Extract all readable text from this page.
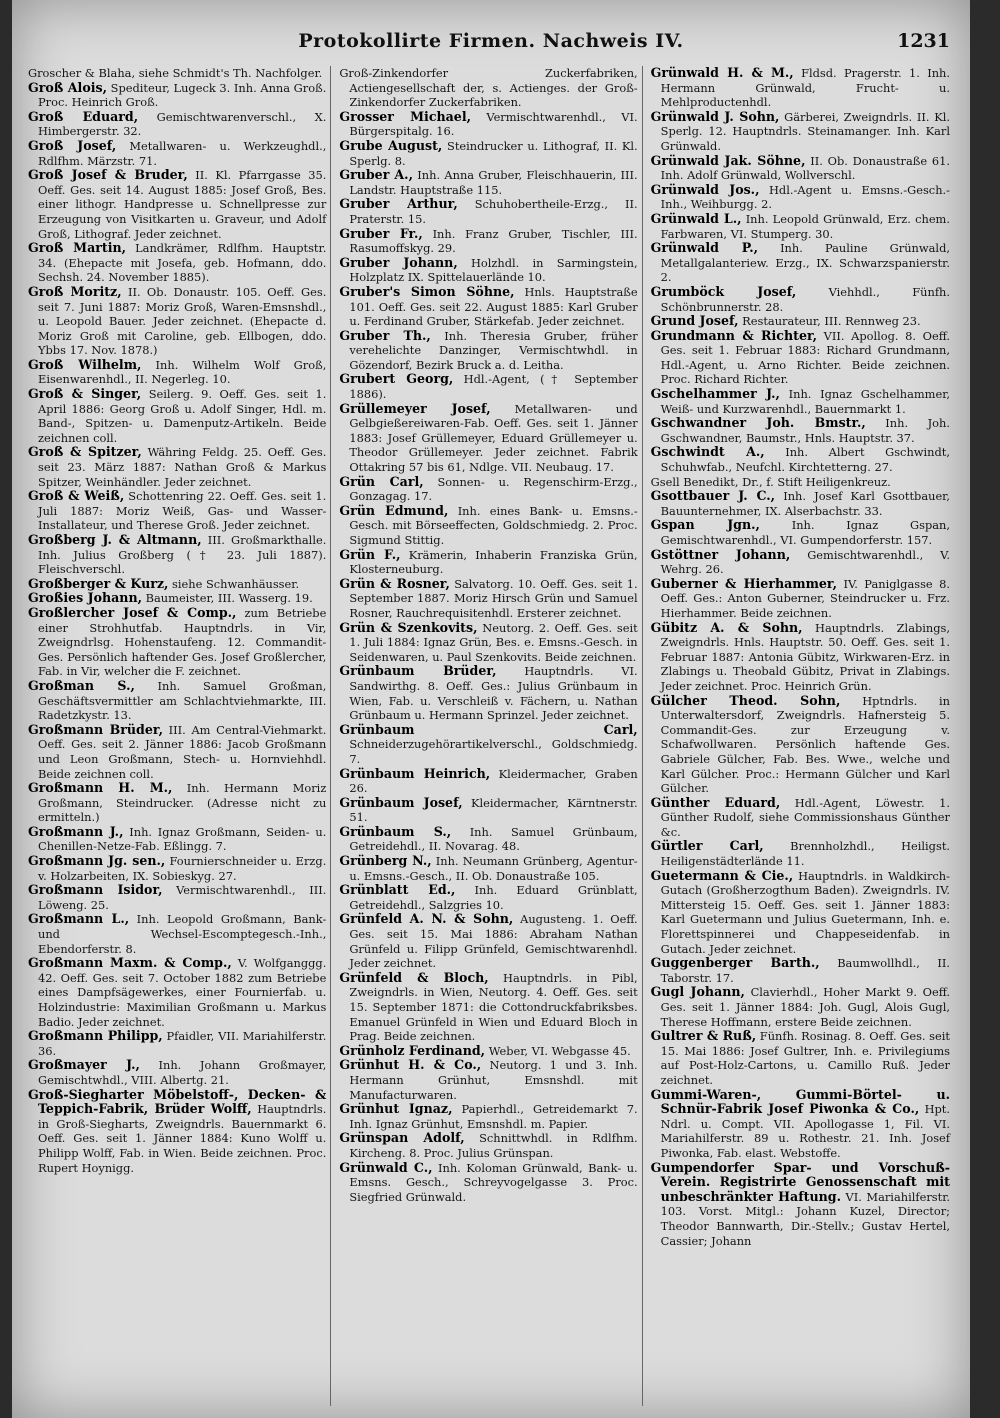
Protokollirte Firmen. Nachweis IV.	1231

Groscher & Blaha, siehe Schmidt's Th. Nachfolger.

Groß Alois, Spediteur, Lugeck 3. Inh. Anna Groß. Proc. Heinrich Groß.

Groß Eduard, Gemischtwarenverschl., X. Himbergerstr. 32.

Groß Josef, Metallwaren- u. Werkzeughdl., Rdlfhm. Märzstr. 71.

Groß Josef & Bruder, II. Kl. Pfarrgasse 35. Oeff. Ges. seit 14. August 1885: Josef Groß, Bes. einer lithogr. Handpresse u. Schnellpresse zur Erzeugung von Visitkarten u. Graveur, und Adolf Groß, Lithograf. Jeder zeichnet.

Groß Martin, Landkrämer, Rdlfhm. Hauptstr. 34. (Ehepacte mit Josefa, geb. Hofmann, ddo. Sechsh. 24. November 1885).

Groß Moritz, II. Ob. Donaustr. 105. Oeff. Ges. seit 7. Juni 1887: Moriz Groß, Waren-Emsnshdl., u. Leopold Bauer. Jeder zeichnet. (Ehepacte d. Moriz Groß mit Caroline, geb. Ellbogen, ddo. Ybbs 17. Nov. 1878.)

Groß Wilhelm, Inh. Wilhelm Wolf Groß, Eisenwarenhdl., II. Negerleg. 10.

Groß & Singer, Seilerg. 9. Oeff. Ges. seit 1. April 1886: Georg Groß u. Adolf Singer, Hdl. m. Band-, Spitzen- u. Damenputz-Artikeln. Beide zeichnen coll.

Groß & Spitzer, Währing Feldg. 25. Oeff. Ges. seit 23. März 1887: Nathan Groß & Markus Spitzer, Weinhändler. Jeder zeichnet.

Groß & Weiß, Schottenring 22. Oeff. Ges. seit 1. Juli 1887: Moriz Weiß, Gas- und Wasser-Installateur, und Therese Groß. Jeder zeichnet.

Großberg J. & Altmann, III. Großmarkthalle. Inh. Julius Großberg († 23. Juli 1887). Fleischverschl.

Großberger & Kurz, siehe Schwanhäusser.

Großies Johann, Baumeister, III. Wasserg. 19.

Großlercher Josef & Comp., zum Betriebe einer Strohhutfab. Hauptndrls. in Vir, Zweigndrlsg. Hohenstaufeng. 12. Commandit-Ges. Persönlich haftender Ges. Josef Großlercher, Fab. in Vir, welcher die F. zeichnet.

Großman S., Inh. Samuel Großman, Geschäftsvermittler am Schlachtviehmarkte, III. Radetzkystr. 13.

Großmann Brüder, III. Am Central-Viehmarkt. Oeff. Ges. seit 2. Jänner 1886: Jacob Großmann und Leon Großmann, Stech- u. Hornviehhdl. Beide zeichnen coll.

Großmann H. M., Inh. Hermann Moriz Großmann, Steindrucker. (Adresse nicht zu ermitteln.)

Großmann J., Inh. Ignaz Großmann, Seiden- u. Chenillen-Netze-Fab. Eßlingg. 7.

Großmann Jg. sen., Fournierschneider u. Erzg. v. Holzarbeiten, IX. Sobieskyg. 27.

Großmann Isidor, Vermischtwarenhdl., III. Löweng. 25.

Großmann L., Inh. Leopold Großmann, Bank- und Wechsel-Escomptegesch.-Inh., Ebendorferstr. 8.

Großmann Maxm. & Comp., V. Wolfganggg. 42. Oeff. Ges. seit 7. October 1882 zum Betriebe eines Dampfsägewerkes, einer Fournierfab. u. Holzindustrie: Maximilian Großmann u. Markus Badio. Jeder zeichnet.

Großmann Philipp, Pfaidler, VII. Mariahilferstr. 36.

Großmayer J., Inh. Johann Großmayer, Gemischtwhdl., VIII. Albertg. 21.

Groß-Siegharter Möbelstoff-, Decken- & Teppich-Fabrik, Brüder Wolff, Hauptndrls. in Groß-Siegharts, Zweigndrls. Bauernmarkt 6. Oeff. Ges. seit 1. Jänner 1884: Kuno Wolff u. Philipp Wolff, Fab. in Wien. Beide zeichnen. Proc. Rupert Hoynigg.

Groß-Zinkendorfer Zuckerfabriken, Actiengesellschaft der, s. Actienges. der Groß-Zinkendorfer Zuckerfabriken.

Grosser Michael, Vermischtwarenhdl., VI. Bürgerspitalg. 16.

Grube August, Steindrucker u. Lithograf, II. Kl. Sperlg. 8.

Gruber A., Inh. Anna Gruber, Fleischhauerin, III. Landstr. Hauptstraße 115.

Gruber Arthur, Schuhobertheile-Erzg., II. Praterstr. 15.

Gruber Fr., Inh. Franz Gruber, Tischler, III. Rasumoffskyg. 29.

Gruber Johann, Holzhdl. in Sarmingstein, Holzplatz IX. Spittelauerlände 10.

Gruber's Simon Söhne, Hnls. Hauptstraße 101. Oeff. Ges. seit 22. August 1885: Karl Gruber u. Ferdinand Gruber, Stärkefab. Jeder zeichnet.

Gruber Th., Inh. Theresia Gruber, früher verehelichte Danzinger, Vermischtwhdl. in Gözendorf, Bezirk Bruck a. d. Leitha.

Grubert Georg, Hdl.-Agent, († September 1886).

Grüllemeyer Josef, Metallwaren- und Gelbgießereiwaren-Fab. Oeff. Ges. seit 1. Jänner 1883: Josef Grüllemeyer, Eduard Grüllemeyer u. Theodor Grüllemeyer. Jeder zeichnet. Fabrik Ottakring 57 bis 61, Ndlge. VII. Neubaug. 17.

Grün Carl, Sonnen- u. Regenschirm-Erzg., Gonzagag. 17.

Grün Edmund, Inh. eines Bank- u. Emsns.-Gesch. mit Börseeffecten, Goldschmiedg. 2. Proc. Sigmund Stittig.

Grün F., Krämerin, Inhaberin Franziska Grün, Klosterneuburg.

Grün & Rosner, Salvatorg. 10. Oeff. Ges. seit 1. September 1887. Moriz Hirsch Grün und Samuel Rosner, Rauchrequisitenhdl. Ersterer zeichnet.

Grün & Szenkovits, Neutorg. 2. Oeff. Ges. seit 1. Juli 1884: Ignaz Grün, Bes. e. Emsns.-Gesch. in Seidenwaren, u. Paul Szenkovits. Beide zeichnen.

Grünbaum Brüder, Hauptndrls. VI. Sandwirthg. 8. Oeff. Ges.: Julius Grünbaum in Wien, Fab. u. Verschleiß v. Fächern, u. Nathan Grünbaum u. Hermann Sprinzel. Jeder zeichnet.

Grünbaum Carl, Schneiderzugehörartikelverschl., Goldschmiedg. 7.

Grünbaum Heinrich, Kleidermacher, Graben 26.

Grünbaum Josef, Kleidermacher, Kärntnerstr. 51.

Grünbaum S., Inh. Samuel Grünbaum, Getreidehdl., II. Novarag. 48.

Grünberg N., Inh. Neumann Grünberg, Agentur- u. Emsns.-Gesch., II. Ob. Donaustraße 105.

Grünblatt Ed., Inh. Eduard Grünblatt, Getreidehdl., Salzgries 10.

Grünfeld A. N. & Sohn, Augusteng. 1. Oeff. Ges. seit 15. Mai 1886: Abraham Nathan Grünfeld u. Filipp Grünfeld, Gemischtwarenhdl. Jeder zeichnet.

Grünfeld & Bloch, Hauptndrls. in Pibl, Zweigndrls. in Wien, Neutorg. 4. Oeff. Ges. seit 15. September 1871: die Cottondruckfabriksbes. Emanuel Grünfeld in Wien und Eduard Bloch in Prag. Beide zeichnen.

Grünholz Ferdinand, Weber, VI. Webgasse 45.

Grünhut H. & Co., Neutorg. 1 und 3. Inh. Hermann Grünhut, Emsnshdl. mit Manufacturwaren.

Grünhut Ignaz, Papierhdl., Getreidemarkt 7. Inh. Ignaz Grünhut, Emsnshdl. m. Papier.

Grünspan Adolf, Schnittwhdl. in Rdlfhm. Kircheng. 8. Proc. Julius Grünspan.

Grünwald C., Inh. Koloman Grünwald, Bank- u. Emsns. Gesch., Schreyvogelgasse 3. Proc. Siegfried Grünwald.

Grünwald H. & M., Fldsd. Pragerstr. 1. Inh. Hermann Grünwald, Frucht- u. Mehlproductenhdl.

Grünwald J. Sohn, Gärberei, Zweigndrls. II. Kl. Sperlg. 12. Hauptndrls. Steinamanger. Inh. Karl Grünwald.

Grünwald Jak. Söhne, II. Ob. Donaustraße 61. Inh. Adolf Grünwald, Wollverschl.

Grünwald Jos., Hdl.-Agent u. Emsns.-Gesch.-Inh., Weihburgg. 2.

Grünwald L., Inh. Leopold Grünwald, Erz. chem. Farbwaren, VI. Stumperg. 30.

Grünwald P., Inh. Pauline Grünwald, Metallgalanteriew. Erzg., IX. Schwarzspanierstr. 2.

Grumböck Josef,	Viehhdl., Fünfh. Schönbrunnerstr. 28.

Grund Josef, Restaurateur, III. Rennweg 23.

Grundmann & Richter, VII. Apollog. 8. Oeff. Ges. seit 1. Februar 1883: Richard Grundmann, Hdl.-Agent, u. Arno Richter. Beide zeichnen. Proc. Richard Richter.

Gschelhammer J., Inh. Ignaz Gschelhammer, Weiß- und Kurzwarenhdl., Bauernmarkt 1.

Gschwandner Joh. Bmstr., Inh. Joh. Gschwandner, Baumstr., Hnls. Hauptstr. 37.

Gschwindt A., Inh. Albert Gschwindt, Schuhwfab., Neufchl. Kirchtetterng. 27.

Gsell Benedikt, Dr., f. Stift Heiligenkreuz.

Gsottbauer J. C., Inh. Josef Karl Gsottbauer, Bauunternehmer, IX. Alserbachstr. 33.

Gspan Jgn.,	Inh. Ignaz Gspan, Gemischtwarenhdl., VI. Gumpendorferstr. 157.

Gstöttner Johann, Gemischtwarenhdl., V. Wehrg. 26.

Guberner & Hierhammer, IV. Paniglgasse 8. Oeff. Ges.: Anton Guberner, Steindrucker u. Frz. Hierhammer. Beide zeichnen.

Gübitz A. & Sohn, Hauptndrls. Zlabings, Zweigndrls. Hnls. Hauptstr. 50. Oeff. Ges. seit 1. Februar 1887: Antonia Gübitz, Wirkwaren-Erz. in Zlabings u. Theobald Gübitz, Privat in Zlabings. Jeder zeichnet. Proc. Heinrich Grün.

Gülcher Theod. Sohn, Hptndrls. in Unterwaltersdorf, Zweigndrls. Hafnersteig 5. Commandit-Ges. zur Erzeugung v. Schafwollwaren. Persönlich haftende Ges. Gabriele Gülcher, Fab. Bes. Wwe., welche und Karl Gülcher. Proc.: Hermann Gülcher und Karl Gülcher.

Günther Eduard, Hdl.-Agent, Löwestr. 1. Günther Rudolf, siehe Commissionshaus Günther &c.

Gürtler Carl, Brennholzhdl., Heiligst. Heiligenstädterlände 11.

Guetermann & Cie., Hauptndrls. in Waldkirch-Gutach (Großherzogthum Baden). Zweigndrls. IV. Mittersteig 15. Oeff. Ges. seit 1. Jänner 1883: Karl Guetermann und Julius Guetermann, Inh. e. Florettspinnerei und Chappeseidenfab. in Gutach. Jeder zeichnet.

Guggenberger Barth., Baumwollhdl., II. Taborstr. 17.

Gugl Johann, Clavierhdl., Hoher Markt 9. Oeff. Ges. seit 1. Jänner 1884: Joh. Gugl, Alois Gugl, Therese Hoffmann, erstere Beide zeichnen.

Gultrer & Ruß, Fünfh. Rosinag. 8. Oeff. Ges. seit 15. Mai 1886: Josef Gultrer, Inh. e. Privilegiums auf Post-Holz-Cartons, u. Camillo Ruß. Jeder zeichnet.

Gummi-Waren-, Gummi-Börtel- u. Schnür-Fabrik Josef Piwonka & Co., Hpt. Ndrl. u. Compt. VII. Apollogasse 1, Fil. VI. Mariahilferstr. 89 u. Rothestr. 21. Inh. Josef Piwonka, Fab. elast. Webstoffe.

Gumpendorfer Spar- und Vorschuß-Verein. Registrirte Genossenschaft mit unbeschränkter Haftung. VI. Mariahilferstr. 103. Vorst. Mitgl.: Johann Kuzel, Director; Theodor Bannwarth, Dir.-Stellv.; Gustav Hertel, Cassier; Johann
